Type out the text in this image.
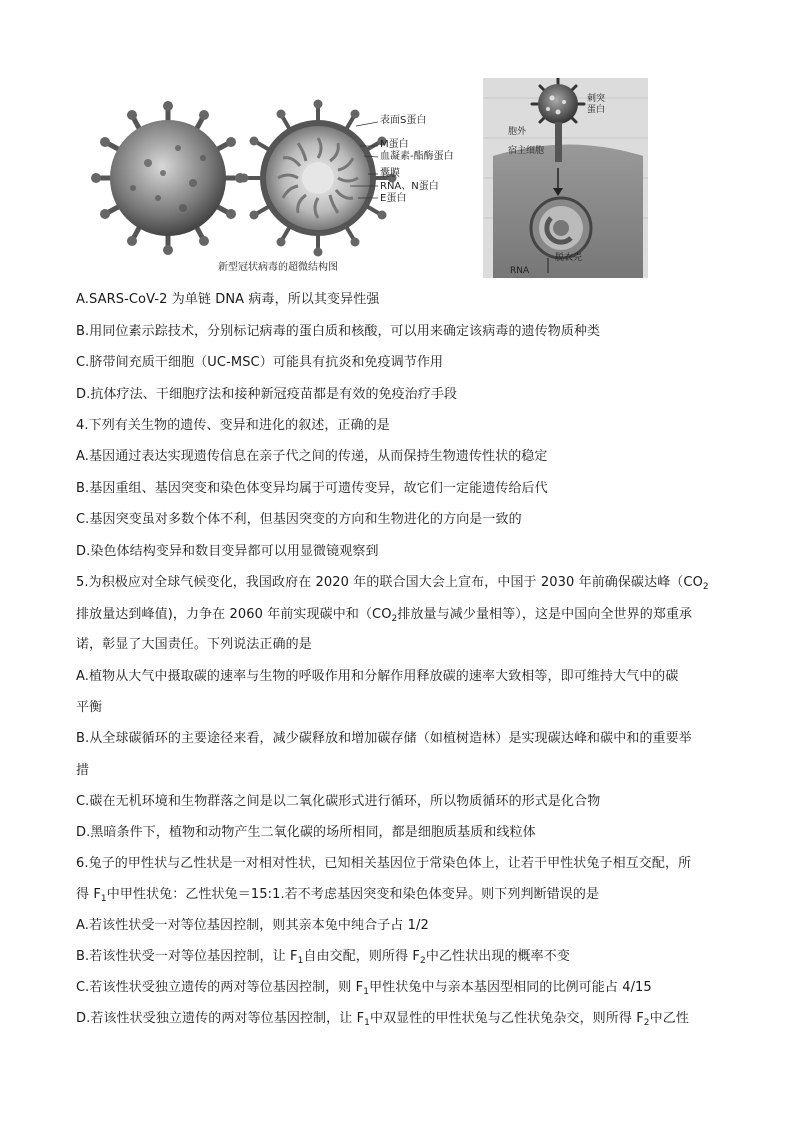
表面S蛋白
M蛋白
血凝素-酯酶蛋白
囊膜
RNA、N蛋白
E蛋白
刺突
蛋白
胞外
宿主细胞
脱衣壳
RNA
新型冠状病毒的超微结构图
A.SARS-CoV-2 为单链 DNA 病毒，所以其变异性强
B.用同位素示踪技术，分别标记病毒的蛋白质和核酸，可以用来确定该病毒的遗传物质种类
C.脐带间充质干细胞（UC-MSC）可能具有抗炎和免疫调节作用
D.抗体疗法、干细胞疗法和接种新冠疫苗都是有效的免疫治疗手段
4.下列有关生物的遗传、变异和进化的叙述，正确的是
A.基因通过表达实现遗传信息在亲子代之间的传递，从而保持生物遗传性状的稳定
B.基因重组、基因突变和染色体变异均属于可遗传变异，故它们一定能遗传给后代
C.基因突变虽对多数个体不利，但基因突变的方向和生物进化的方向是一致的
D.染色体结构变异和数目变异都可以用显微镜观察到
5.为积极应对全球气候变化，我国政府在 2020 年的联合国大会上宣布，中国于 2030 年前确保碳达峰（$CO_2$
排放量达到峰值)，力争在 2060 年前实现碳中和（$CO_2$排放量与减少量相等），这是中国向全世界的郑重承
诺，彰显了大国责任。下列说法正确的是
A.植物从大气中摄取碳的速率与生物的呼吸作用和分解作用释放碳的速率大致相等，即可维持大气中的碳
平衡
B.从全球碳循环的主要途径来看，减少碳释放和增加碳存储（如植树造林）是实现碳达峰和碳中和的重要举
措
C.碳在无机环境和生物群落之间是以二氧化碳形式进行循环，所以物质循环的形式是化合物
D.黑暗条件下，植物和动物产生二氧化碳的场所相同，都是细胞质基质和线粒体
6.兔子的甲性状与乙性状是一对相对性状，已知相关基因位于常染色体上，让若干甲性状兔子相互交配，所
得 $F_1$中甲性状兔：乙性状兔＝15:1.若不考虑基因突变和染色体变异。则下列判断错误的是
A.若该性状受一对等位基因控制，则其亲本兔中纯合子占 1/2
B.若该性状受一对等位基因控制，让 $F_1$自由交配，则所得 $F_2$中乙性状出现的概率不变
C.若该性状受独立遗传的两对等位基因控制，则 $F_1$甲性状兔中与亲本基因型相同的比例可能占 4/15
D.若该性状受独立遗传的两对等位基因控制，让 $F_1$中双显性的甲性状兔与乙性状兔杂交，则所得 $F_2$中乙性
